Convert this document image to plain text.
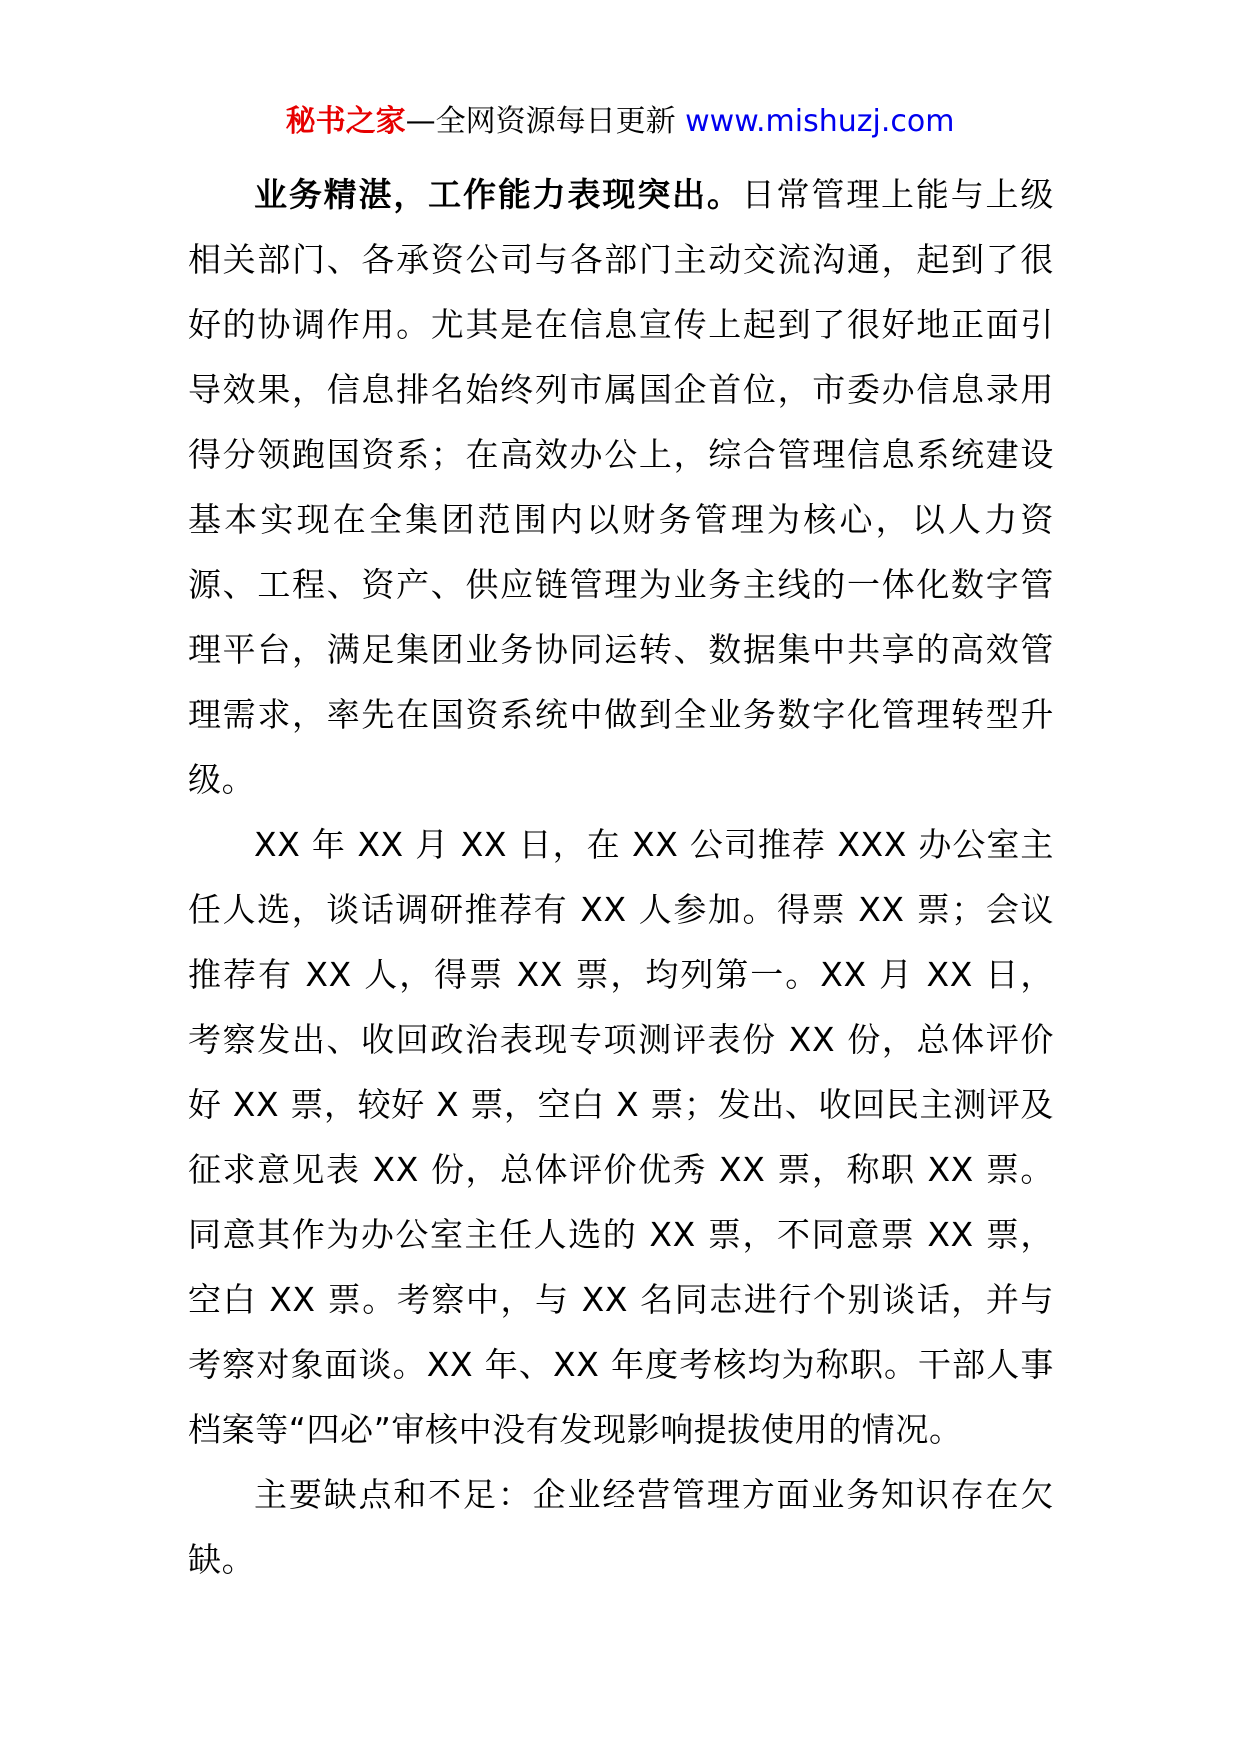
秘书之家—全网资源每日更新 www.mishuzj.com

业务精湛，工作能力表现突出。日常管理上能与上级相关部门、各承资公司与各部门主动交流沟通，起到了很好的协调作用。尤其是在信息宣传上起到了很好地正面引导效果，信息排名始终列市属国企首位，市委办信息录用得分领跑国资系；在高效办公上，综合管理信息系统建设基本实现在全集团范围内以财务管理为核心，以人力资源、工程、资产、供应链管理为业务主线的一体化数字管理平台，满足集团业务协同运转、数据集中共享的高效管理需求，率先在国资系统中做到全业务数字化管理转型升级。

XX 年 XX 月 XX 日，在 XX 公司推荐 XXX 办公室主任人选，谈话调研推荐有 XX 人参加。得票 XX 票；会议推荐有 XX 人，得票 XX 票，均列第一。XX 月 XX 日，考察发出、收回政治表现专项测评表份 XX 份，总体评价好 XX 票，较好 X 票，空白 X 票；发出、收回民主测评及征求意见表 XX 份，总体评价优秀 XX 票，称职 XX 票。同意其作为办公室主任人选的 XX 票，不同意票 XX 票，空白 XX 票。考察中，与 XX 名同志进行个别谈话，并与考察对象面谈。XX 年、XX 年度考核均为称职。干部人事档案等“四必”审核中没有发现影响提拔使用的情况。

主要缺点和不足：企业经营管理方面业务知识存在欠缺。
